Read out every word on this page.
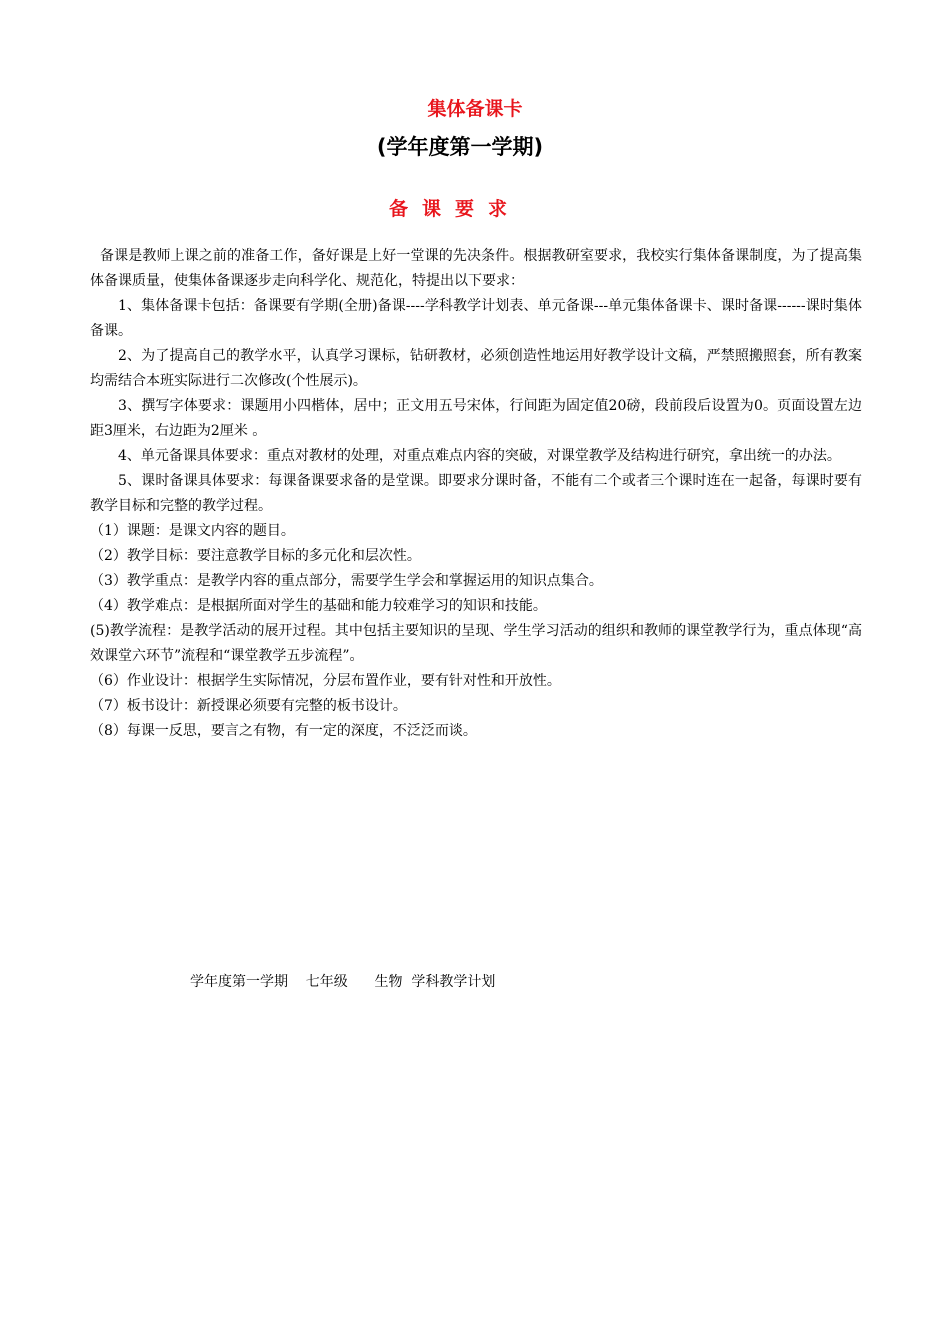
集体备课卡
(学年度第一学期)
备课要求

备课是教师上课之前的准备工作，备好课是上好一堂课的先决条件。根据教研室要求，我校实行集体备课制度，为了提高集体备课质量，使集体备课逐步走向科学化、规范化，特提出以下要求：

1、集体备课卡包括：备课要有学期(全册)备课----学科教学计划表、单元备课---单元集体备课卡、课时备课------课时集体备课。

2、为了提高自己的教学水平，认真学习课标，钻研教材，必须创造性地运用好教学设计文稿，严禁照搬照套，所有教案均需结合本班实际进行二次修改(个性展示)。

3、撰写字体要求：课题用小四楷体，居中；正文用五号宋体，行间距为固定值20磅，段前段后设置为0。页面设置左边距3厘米，右边距为2厘米 。

4、单元备课具体要求：重点对教材的处理，对重点难点内容的突破，对课堂教学及结构进行研究，拿出统一的办法。

5、课时备课具体要求：每课备课要求备的是堂课。即要求分课时备，不能有二个或者三个课时连在一起备，每课时要有教学目标和完整的教学过程。

（1）课题：是课文内容的题目。

（2）教学目标：要注意教学目标的多元化和层次性。

（3）教学重点：是教学内容的重点部分，需要学生学会和掌握运用的知识点集合。

（4）教学难点：是根据所面对学生的基础和能力较难学习的知识和技能。

(5)教学流程：是教学活动的展开过程。其中包括主要知识的呈现、学生学习活动的组织和教师的课堂教学行为，重点体现“高效课堂六环节”流程和“课堂教学五步流程”。

（6）作业设计：根据学生实际情况，分层布置作业，要有针对性和开放性。

（7）板书设计：新授课必须要有完整的板书设计。

（8）每课一反思，要言之有物，有一定的深度，不泛泛而谈。

学年度第一学期    七年级      生物  学科教学计划
